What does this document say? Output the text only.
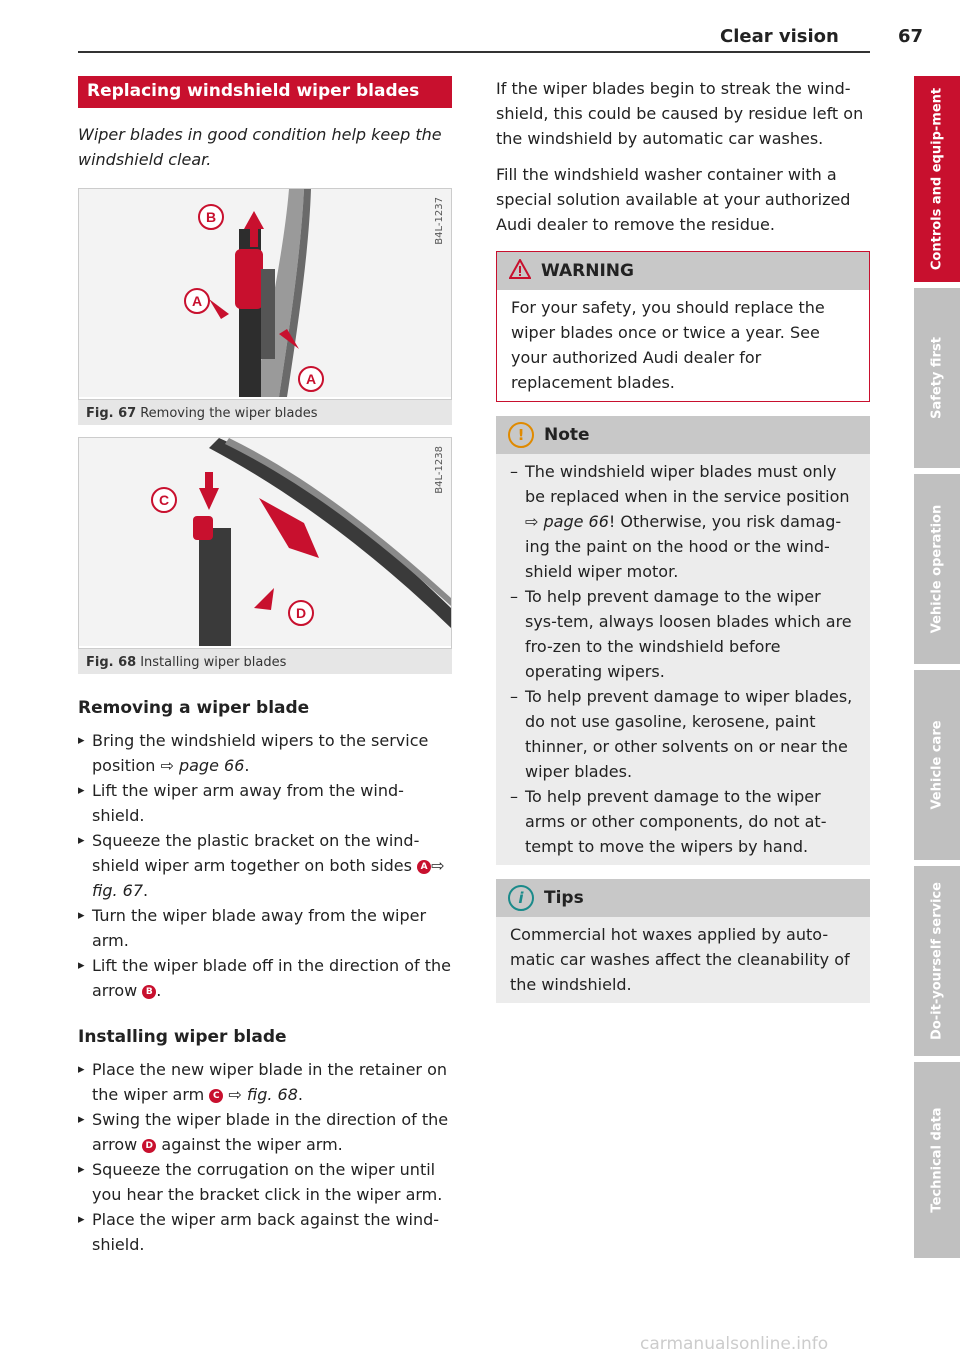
Clear vision	67
Replacing windshield wiper blades
Wiper blades in good condition help keep the windshield clear.
B
A
A
B4L-1237
Fig. 67 Removing the wiper blades
C
D
B4L-1238
Fig. 68 Installing wiper blades
Removing a wiper blade
▸ Bring the windshield wipers to the service position ⇨ page 66.
▸ Lift the wiper arm away from the wind-shield.
▸ Squeeze the plastic bracket on the wind-shield wiper arm together on both sides A ⇨ fig. 67.
▸ Turn the wiper blade away from the wiper arm.
▸ Lift the wiper blade off in the direction of the arrow B .
Installing wiper blade
▸ Place the new wiper blade in the retainer on the wiper arm C ⇨ fig. 68.
▸ Swing the wiper blade in the direction of the arrow D against the wiper arm.
▸ Squeeze the corrugation on the wiper until you hear the bracket click in the wiper arm.
▸ Place the wiper arm back against the wind-shield.

If the wiper blades begin to streak the wind-shield, this could be caused by residue left on the windshield by automatic car washes.

Fill the windshield washer container with a special solution available at your authorized Audi dealer to remove the residue.

WARNING
For your safety, you should replace the wiper blades once or twice a year. See your authorized Audi dealer for replacement blades.
!	Note
– The windshield wiper blades must only be replaced when in the service position ⇨ page 66! Otherwise, you risk damag-ing the paint on the hood or the wind-shield wiper motor.
– To help prevent damage to the wiper sys-tem, always loosen blades which are fro-zen to the windshield before operating wipers.
– To help prevent damage to wiper blades, do not use gasoline, kerosene, paint thinner, or other solvents on or near the wiper blades.
– To help prevent damage to the wiper arms or other components, do not at-tempt to move the wipers by hand.
i	Tips
Commercial hot waxes applied by auto-matic car washes affect the cleanability of the windshield.
Controls and equip-ment
Safety first
Vehicle operation
Vehicle care
Do-it-yourself service
Technical data
carmanualsonline.info
